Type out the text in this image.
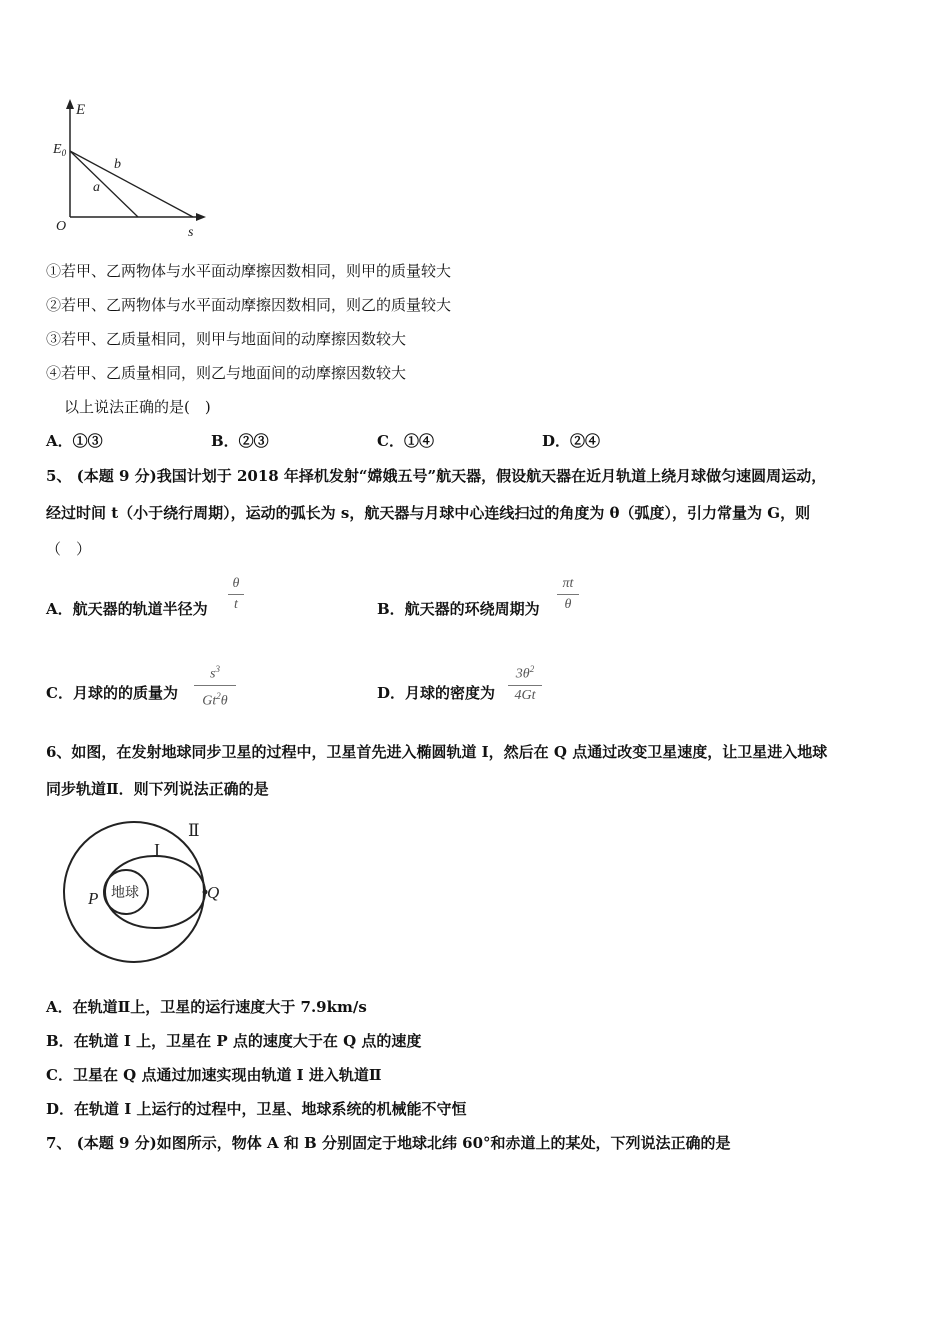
E
$E_0$
b
a
O	s
①若甲、乙两物体与水平面动摩擦因数相同，则甲的质量较大
②若甲、乙两物体与水平面动摩擦因数相同，则乙的质量较大
③若甲、乙质量相同，则甲与地面间的动摩擦因数较大
④若甲、乙质量相同，则乙与地面间的动摩擦因数较大
以上说法正确的是(　)
A．①③	B．②③	C．①④	D．②④
5、 (本题 9 分)我国计划于 2018 年择机发射“嫦娥五号”航天器，假设航天器在近月轨道上绕月球做匀速圆周运动，
经过时间 t（小于绕行周期），运动的弧长为 s，航天器与月球中心连线扫过的角度为 θ（弧度），引力常量为 G，则
（　）
A．航天器的轨道半径为
θ
t	B．航天器的环绕周期为
πt
θ
C．月球的的质量为
$s^3$
Gt$^2$θ	D．月球的密度为
$3\theta^2$
4Gt
6、如图，在发射地球同步卫星的过程中，卫星首先进入椭圆轨道 I，然后在 Q 点通过改变卫星速度，让卫星进入地球
同步轨道Ⅱ．则下列说法正确的是
Ⅱ
I
P	Q
地球
A．在轨道Ⅱ上，卫星的运行速度大于 7.9km/s
B．在轨道 I 上，卫星在 P 点的速度大于在 Q 点的速度
C．卫星在 Q 点通过加速实现由轨道 I 进入轨道Ⅱ
D．在轨道 I 上运行的过程中，卫星、地球系统的机械能不守恒
7、 (本题 9 分)如图所示，物体 A 和 B 分别固定于地球北纬 60°和赤道上的某处，下列说法正确的是
